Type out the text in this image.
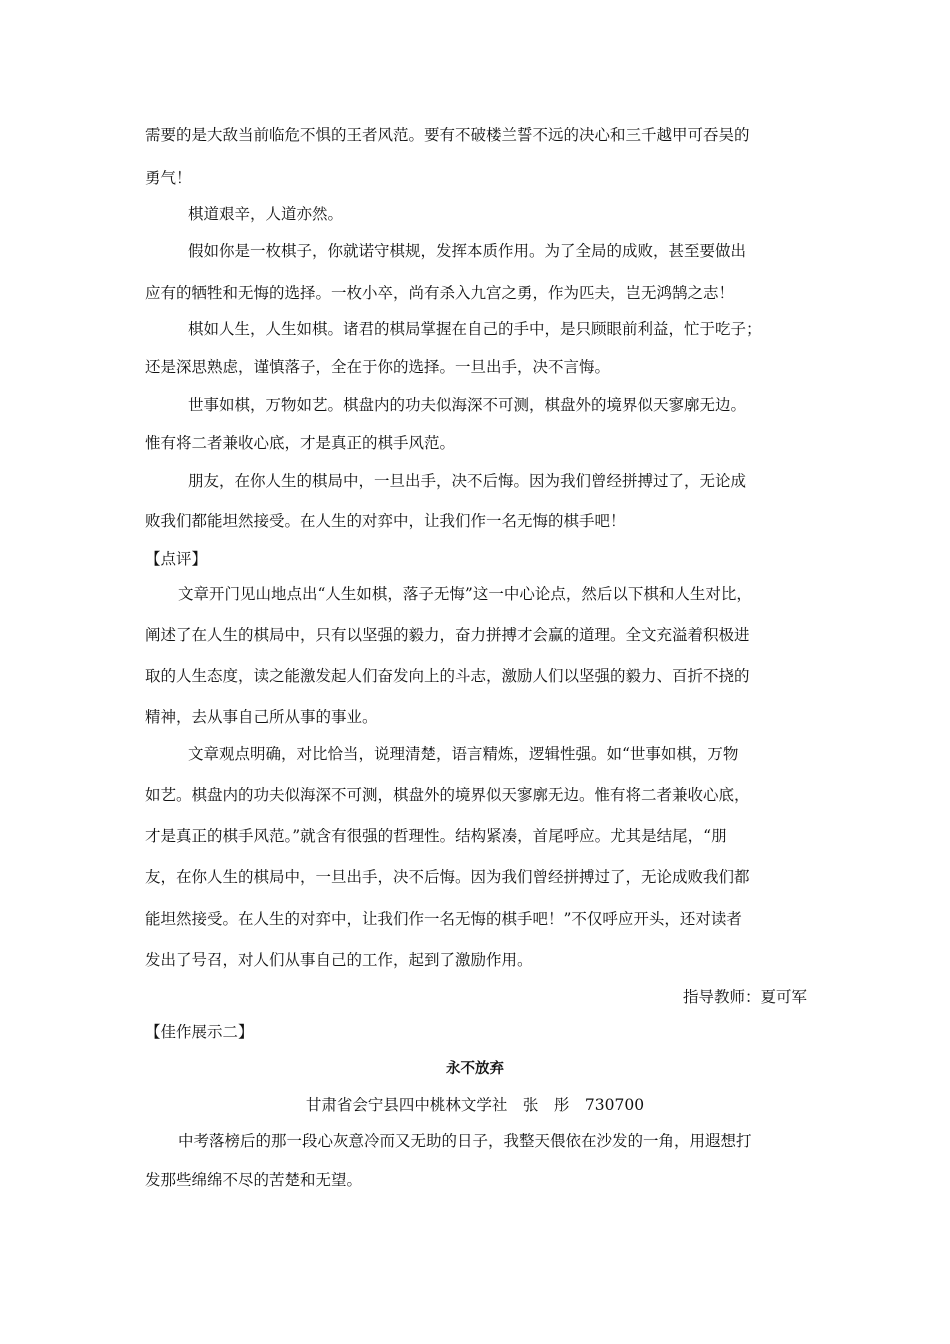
需要的是大敌当前临危不惧的王者风范。要有不破楼兰誓不远的决心和三千越甲可吞吴的
勇气！
棋道艰辛，人道亦然。
假如你是一枚棋子，你就诺守棋规，发挥本质作用。为了全局的成败，甚至要做出
应有的牺牲和无悔的选择。一枚小卒，尚有杀入九宫之勇，作为匹夫，岂无鸿鹄之志！
棋如人生，人生如棋。诸君的棋局掌握在自己的手中，是只顾眼前利益，忙于吃子；
还是深思熟虑，谨慎落子，全在于你的选择。一旦出手，决不言悔。
世事如棋，万物如艺。棋盘内的功夫似海深不可测，棋盘外的境界似天寥廓无边。
惟有将二者兼收心底，才是真正的棋手风范。
朋友，在你人生的棋局中，一旦出手，决不后悔。因为我们曾经拼搏过了，无论成
败我们都能坦然接受。在人生的对弈中，让我们作一名无悔的棋手吧！
【点评】
文章开门见山地点出“人生如棋，落子无悔”这一中心论点，然后以下棋和人生对比，
阐述了在人生的棋局中，只有以坚强的毅力，奋力拼搏才会赢的道理。全文充溢着积极进
取的人生态度，读之能激发起人们奋发向上的斗志，激励人们以坚强的毅力、百折不挠的
精神，去从事自己所从事的事业。
文章观点明确，对比恰当，说理清楚，语言精炼，逻辑性强。如“世事如棋，万物
如艺。棋盘内的功夫似海深不可测，棋盘外的境界似天寥廓无边。惟有将二者兼收心底，
才是真正的棋手风范。”就含有很强的哲理性。结构紧凑，首尾呼应。尤其是结尾，“朋
友，在你人生的棋局中，一旦出手，决不后悔。因为我们曾经拼搏过了，无论成败我们都
能坦然接受。在人生的对弈中，让我们作一名无悔的棋手吧！”不仅呼应开头，还对读者
发出了号召，对人们从事自己的工作，起到了激励作用。
指导教师：夏可军
【佳作展示二】
永不放弃
甘肃省会宁县四中桃林文学社　张　彤　730700
中考落榜后的那一段心灰意冷而又无助的日子，我整天偎依在沙发的一角，用遐想打
发那些绵绵不尽的苦楚和无望。
